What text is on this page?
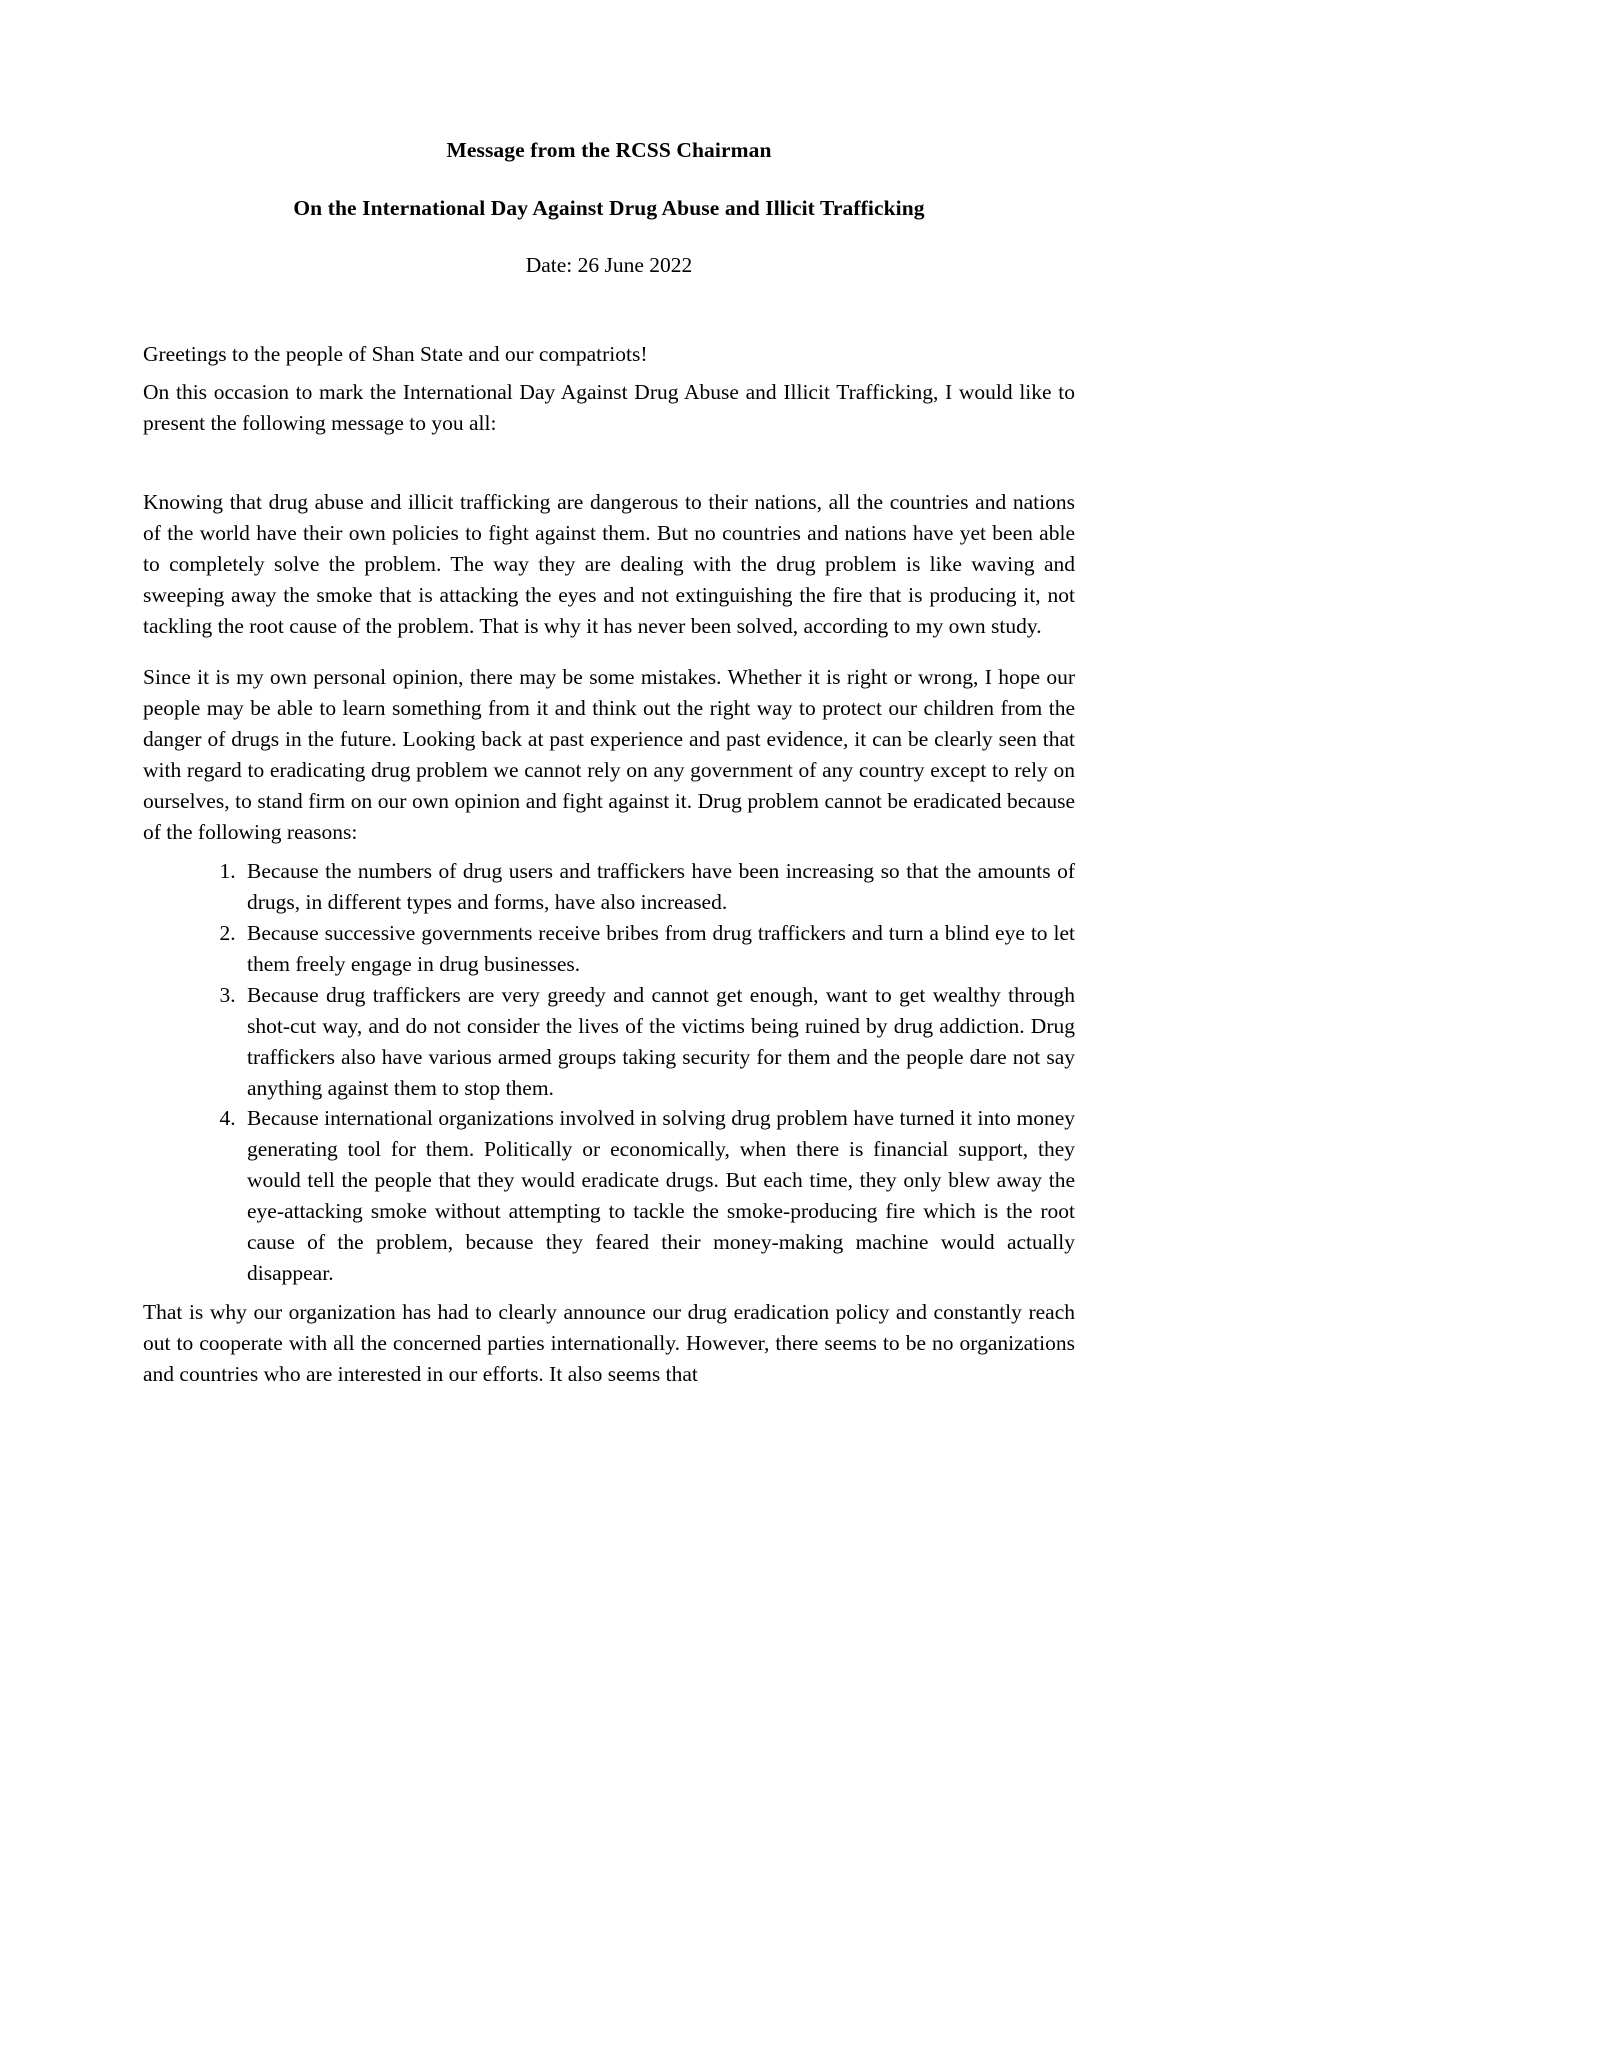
Message from the RCSS Chairman
On the International Day Against Drug Abuse and Illicit Trafficking
Date: 26 June 2022

Greetings to the people of Shan State and our compatriots!

On this occasion to mark the International Day Against Drug Abuse and Illicit Trafficking, I would like to present the following message to you all:

Knowing that drug abuse and illicit trafficking are dangerous to their nations, all the countries and nations of the world have their own policies to fight against them. But no countries and nations have yet been able to completely solve the problem. The way they are dealing with the drug problem is like waving and sweeping away the smoke that is attacking the eyes and not extinguishing the fire that is producing it, not tackling the root cause of the problem. That is why it has never been solved, according to my own study.

Since it is my own personal opinion, there may be some mistakes. Whether it is right or wrong, I hope our people may be able to learn something from it and think out the right way to protect our children from the danger of drugs in the future. Looking back at past experience and past evidence, it can be clearly seen that with regard to eradicating drug problem we cannot rely on any government of any country except to rely on ourselves, to stand firm on our own opinion and fight against it. Drug problem cannot be eradicated because of the following reasons:

1. Because the numbers of drug users and traffickers have been increasing so that the amounts of drugs, in different types and forms, have also increased.
2. Because successive governments receive bribes from drug traffickers and turn a blind eye to let them freely engage in drug businesses.
3. Because drug traffickers are very greedy and cannot get enough, want to get wealthy through shot-cut way, and do not consider the lives of the victims being ruined by drug addiction. Drug traffickers also have various armed groups taking security for them and the people dare not say anything against them to stop them.
4. Because international organizations involved in solving drug problem have turned it into money generating tool for them. Politically or economically, when there is financial support, they would tell the people that they would eradicate drugs. But each time, they only blew away the eye-attacking smoke without attempting to tackle the smoke-producing fire which is the root cause of the problem, because they feared their money-making machine would actually disappear.

That is why our organization has had to clearly announce our drug eradication policy and constantly reach out to cooperate with all the concerned parties internationally. However, there seems to be no organizations and countries who are interested in our efforts. It also seems that
